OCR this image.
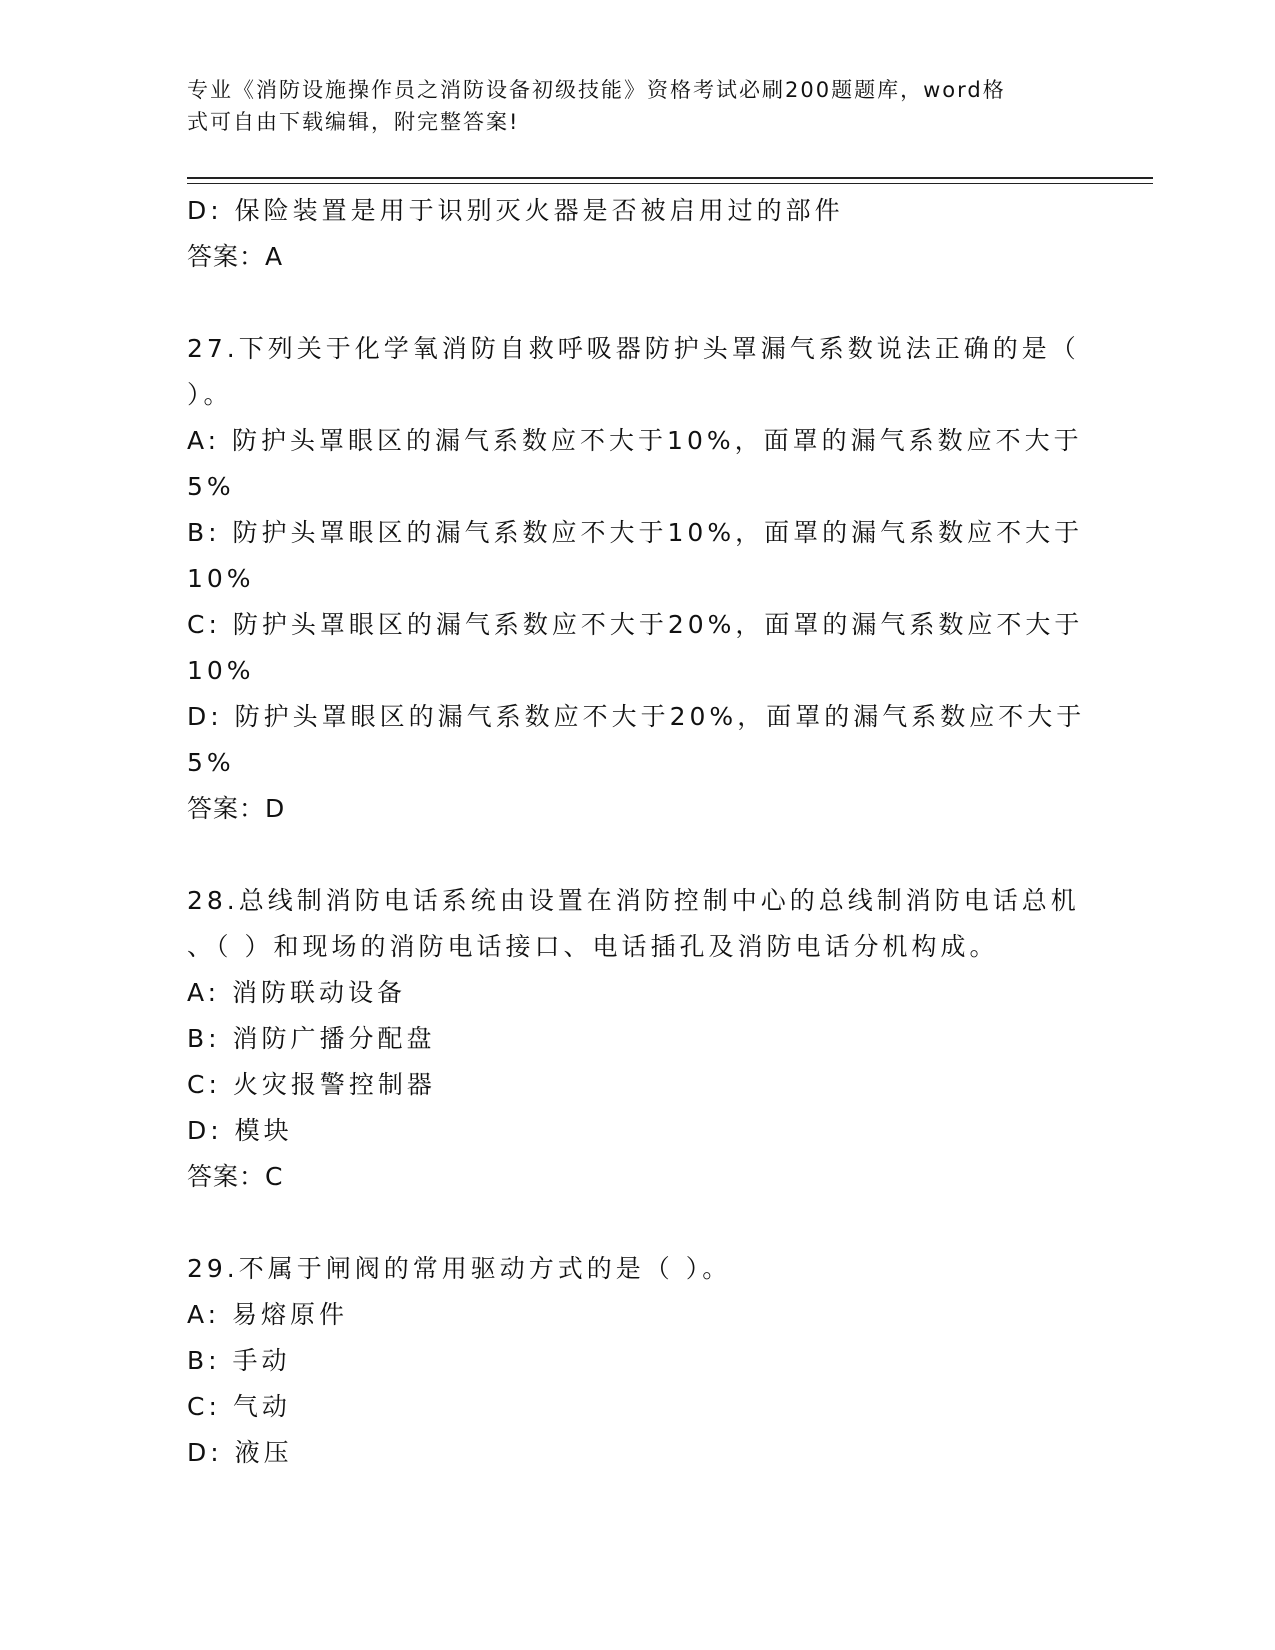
专业《消防设施操作员之消防设备初级技能》资格考试必刷200题题库，word格
式可自由下载编辑，附完整答案!
D: 保险装置是用于识别灭火器是否被启用过的部件
答案：A
27.下列关于化学氧消防自救呼吸器防护头罩漏气系数说法正确的是（
）。
A: 防护头罩眼区的漏气系数应不大于10%，面罩的漏气系数应不大于
5%
B: 防护头罩眼区的漏气系数应不大于10%，面罩的漏气系数应不大于
10%
C: 防护头罩眼区的漏气系数应不大于20%，面罩的漏气系数应不大于
10%
D: 防护头罩眼区的漏气系数应不大于20%，面罩的漏气系数应不大于
5%
答案：D
28.总线制消防电话系统由设置在消防控制中心的总线制消防电话总机
、（ ）和现场的消防电话接口、电话插孔及消防电话分机构成。
A: 消防联动设备
B: 消防广播分配盘
C: 火灾报警控制器
D: 模块
答案：C
29.不属于闸阀的常用驱动方式的是（ ）。
A: 易熔原件
B: 手动
C: 气动
D: 液压
